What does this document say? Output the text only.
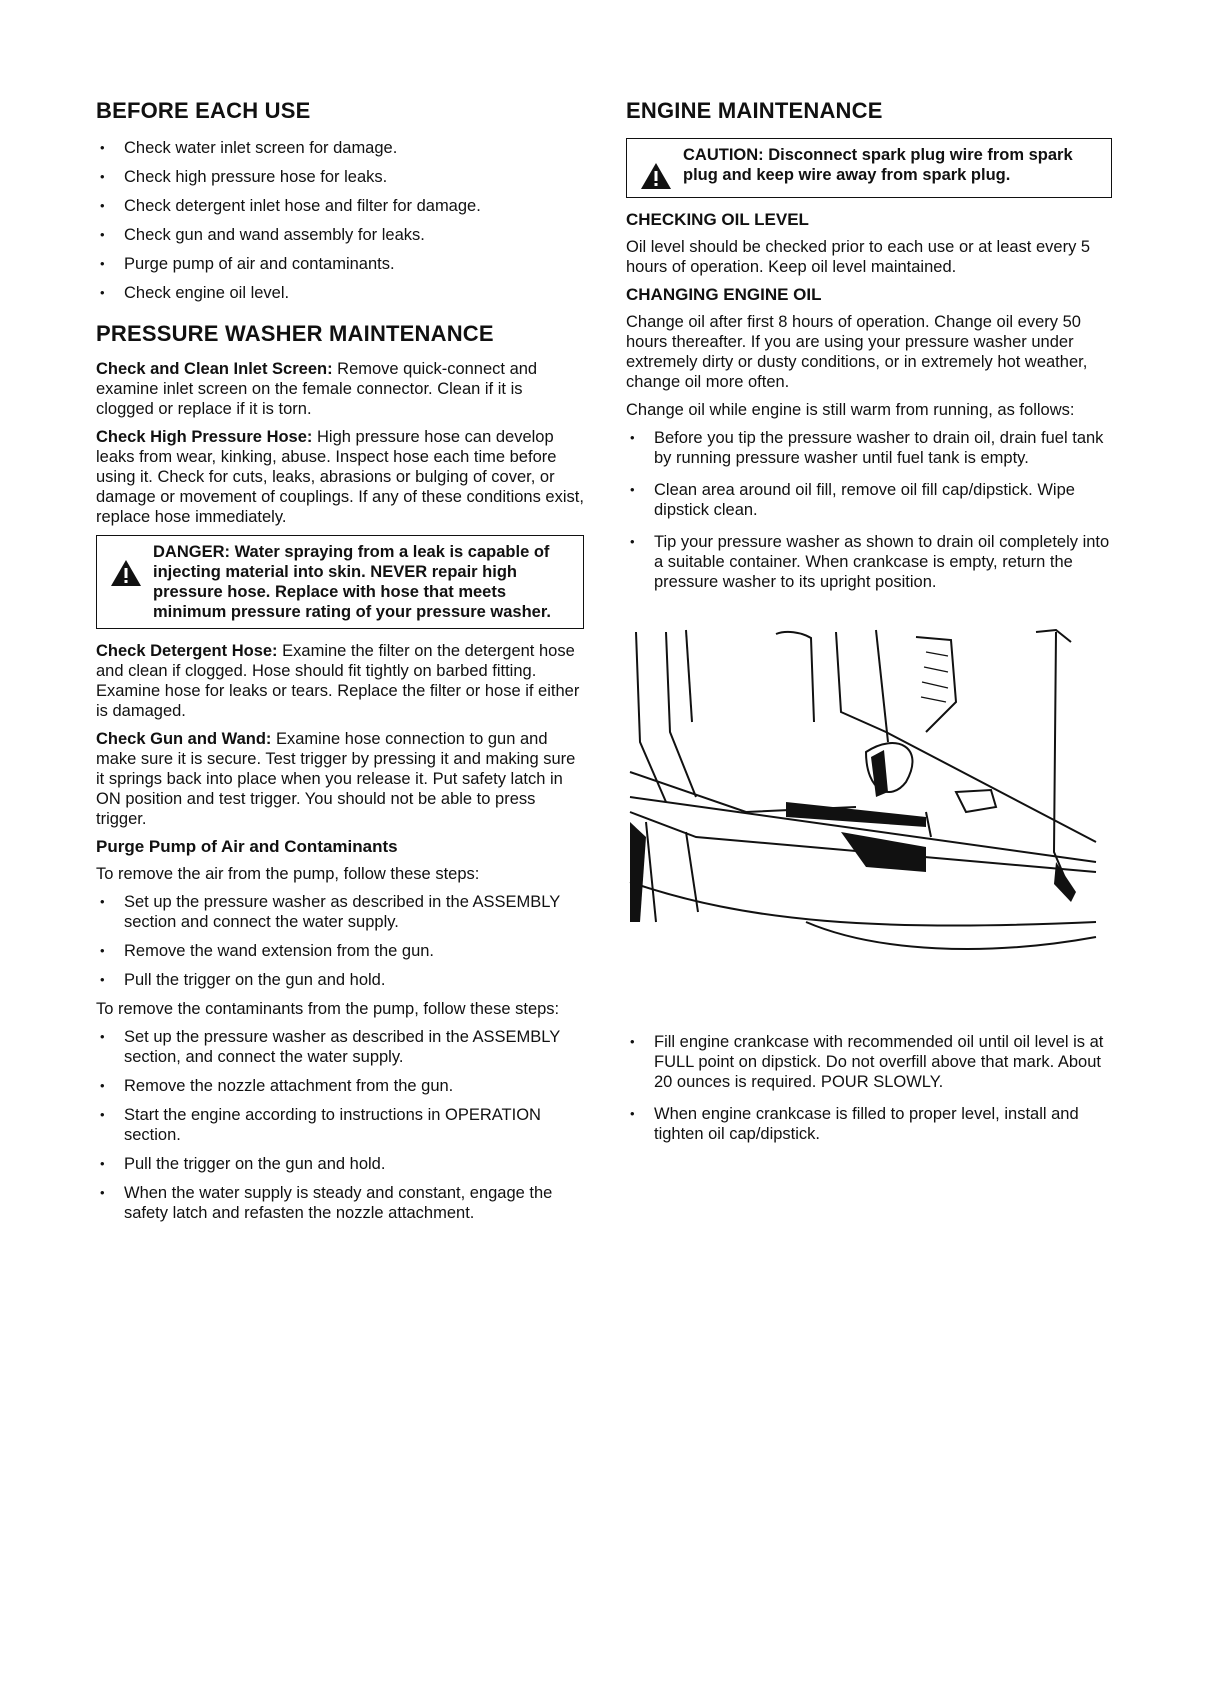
BEFORE EACH USE
• Check water inlet screen for damage.
• Check high pressure hose for leaks.
• Check detergent inlet hose and filter for damage.
• Check gun and wand assembly for leaks.
• Purge pump of air and contaminants.
• Check engine oil level.
PRESSURE WASHER MAINTENANCE

Check and Clean Inlet Screen: Remove quick-connect and examine inlet screen on the female connector. Clean if it is clogged or replace if it is torn.

Check High Pressure Hose: High pressure hose can develop leaks from wear, kinking, abuse. Inspect hose each time before using it. Check for cuts, leaks, abrasions or bulging of cover, or damage or movement of couplings. If any of these conditions exist, replace hose immediately.

DANGER: Water spraying from a leak is capable of injecting material into skin. NEVER repair high pressure hose. Replace with hose that meets minimum pressure rating of your pressure washer.

Check Detergent Hose: Examine the filter on the detergent hose and clean if clogged. Hose should fit tightly on barbed fitting. Examine hose for leaks or tears. Replace the filter or hose if either is damaged.

Check Gun and Wand: Examine hose connection to gun and make sure it is secure. Test trigger by pressing it and making sure it springs back into place when you release it. Put safety latch in ON position and test trigger. You should not be able to press trigger.

Purge Pump of Air and Contaminants

To remove the air from the pump, follow these steps:

• Set up the pressure washer as described in the ASSEMBLY section and connect the water supply.
• Remove the wand extension from the gun.
• Pull the trigger on the gun and hold.

To remove the contaminants from the pump, follow these steps:

• Set up the pressure washer as described in the ASSEMBLY section, and connect the water supply.
• Remove the nozzle attachment from the gun.
• Start the engine according to instructions in OPERATION section.
• Pull the trigger on the gun and hold.
• When the water supply is steady and constant, engage the safety latch and refasten the nozzle attachment.
ENGINE MAINTENANCE
CAUTION: Disconnect spark plug wire from spark plug and keep wire away from spark plug.
CHECKING OIL LEVEL

Oil level should be checked prior to each use or at least every 5 hours of operation. Keep oil level maintained.

CHANGING ENGINE OIL

Change oil after first 8 hours of operation. Change oil every 50 hours thereafter. If you are using your pressure washer under extremely dirty or dusty conditions, or in extremely hot weather, change oil more often.

Change oil while engine is still warm from running, as follows:

• Before you tip the pressure washer to drain oil, drain fuel tank by running pressure washer until fuel tank is empty.
• Clean area around oil fill, remove oil fill cap/dipstick. Wipe dipstick clean.
• Tip your pressure washer as shown to drain oil completely into a suitable container. When crankcase is empty, return the pressure washer to its upright position.
• Fill engine crankcase with recommended oil until oil level is at FULL point on dipstick. Do not overfill above that mark. About 20 ounces is required. POUR SLOWLY.
• When engine crankcase is filled to proper level, install and tighten oil cap/dipstick.
